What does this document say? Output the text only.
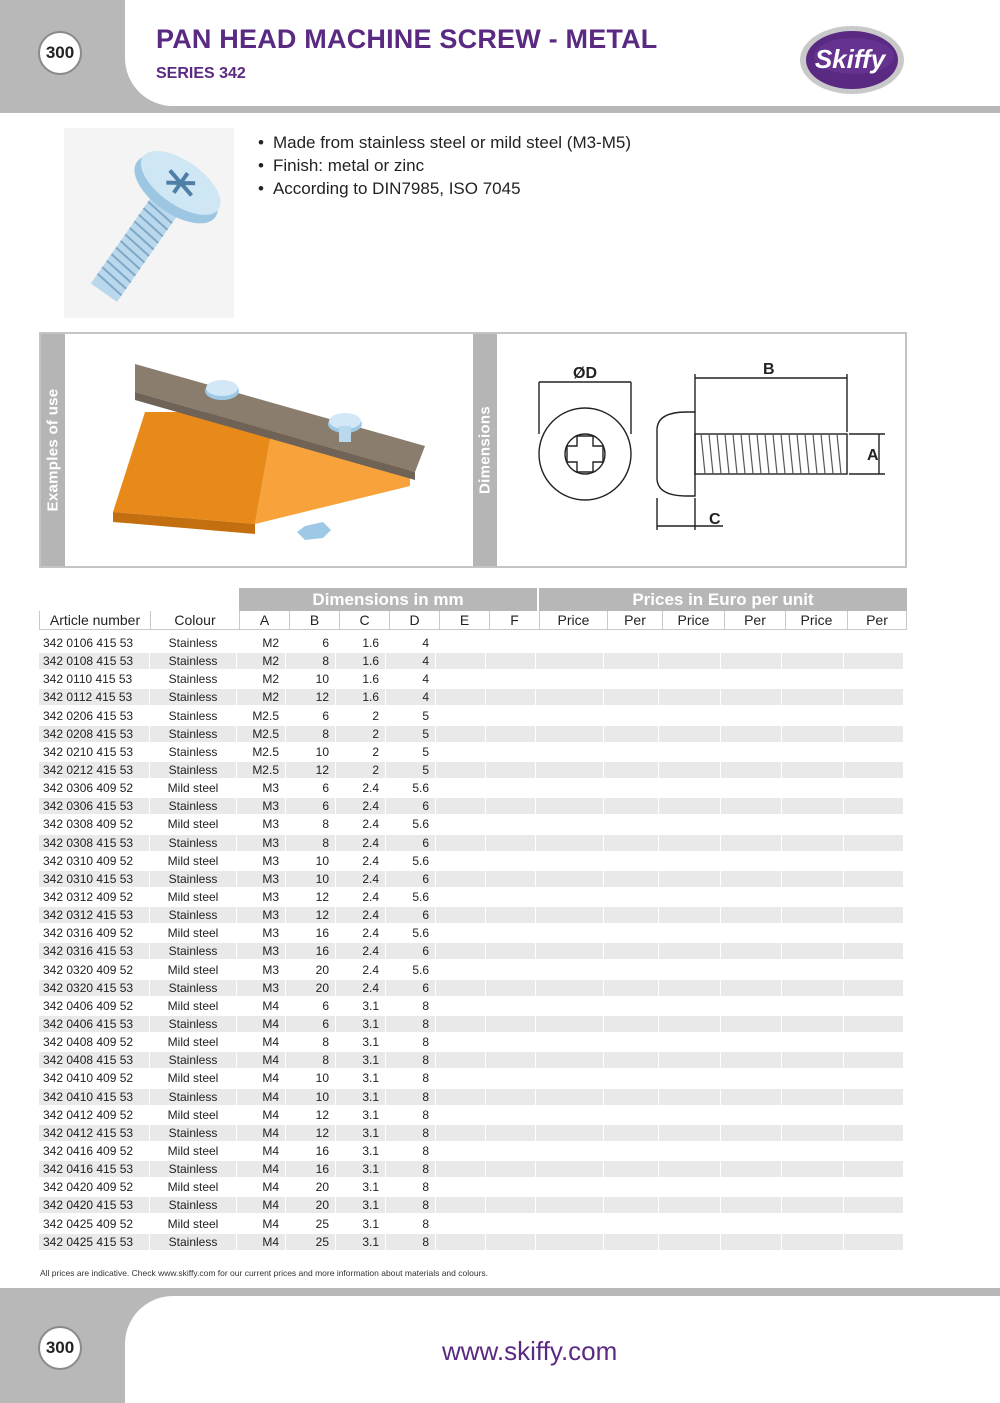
300	PAN HEAD MACHINE SCREW - METAL
SERIES 342	Skiffy
• Made from stainless steel or mild steel (M3-M5)
• Finish: metal or zinc
• According to DIN7985, ISO 7045
Examples of use	Dimensions
ØD	B
A
C
Dimensions in mm	Prices in Euro per unit
Article number	Colour	A	B	C	D	E	F	Price	Per	Price	Per	Price	Per
342 0106 415 53	Stainless	M2	6	1.6	4
342 0108 415 53	Stainless	M2	8	1.6	4
342 0110 415 53	Stainless	M2	10	1.6	4
342 0112 415 53	Stainless	M2	12	1.6	4
342 0206 415 53	Stainless	M2.5	6	2	5
342 0208 415 53	Stainless	M2.5	8	2	5
342 0210 415 53	Stainless	M2.5	10	2	5
342 0212 415 53	Stainless	M2.5	12	2	5
342 0306 409 52	Mild steel	M3	6	2.4	5.6
342 0306 415 53	Stainless	M3	6	2.4	6
342 0308 409 52	Mild steel	M3	8	2.4	5.6
342 0308 415 53	Stainless	M3	8	2.4	6
342 0310 409 52	Mild steel	M3	10	2.4	5.6
342 0310 415 53	Stainless	M3	10	2.4	6
342 0312 409 52	Mild steel	M3	12	2.4	5.6
342 0312 415 53	Stainless	M3	12	2.4	6
342 0316 409 52	Mild steel	M3	16	2.4	5.6
342 0316 415 53	Stainless	M3	16	2.4	6
342 0320 409 52	Mild steel	M3	20	2.4	5.6
342 0320 415 53	Stainless	M3	20	2.4	6
342 0406 409 52	Mild steel	M4	6	3.1	8
342 0406 415 53	Stainless	M4	6	3.1	8
342 0408 409 52	Mild steel	M4	8	3.1	8
342 0408 415 53	Stainless	M4	8	3.1	8
342 0410 409 52	Mild steel	M4	10	3.1	8
342 0410 415 53	Stainless	M4	10	3.1	8
342 0412 409 52	Mild steel	M4	12	3.1	8
342 0412 415 53	Stainless	M4	12	3.1	8
342 0416 409 52	Mild steel	M4	16	3.1	8
342 0416 415 53	Stainless	M4	16	3.1	8
342 0420 409 52	Mild steel	M4	20	3.1	8
342 0420 415 53	Stainless	M4	20	3.1	8
342 0425 409 52	Mild steel	M4	25	3.1	8
342 0425 415 53	Stainless	M4	25	3.1	8
All prices are indicative. Check www.skiffy.com for our current prices and more information about materials and colours.
300	www.skiffy.com
